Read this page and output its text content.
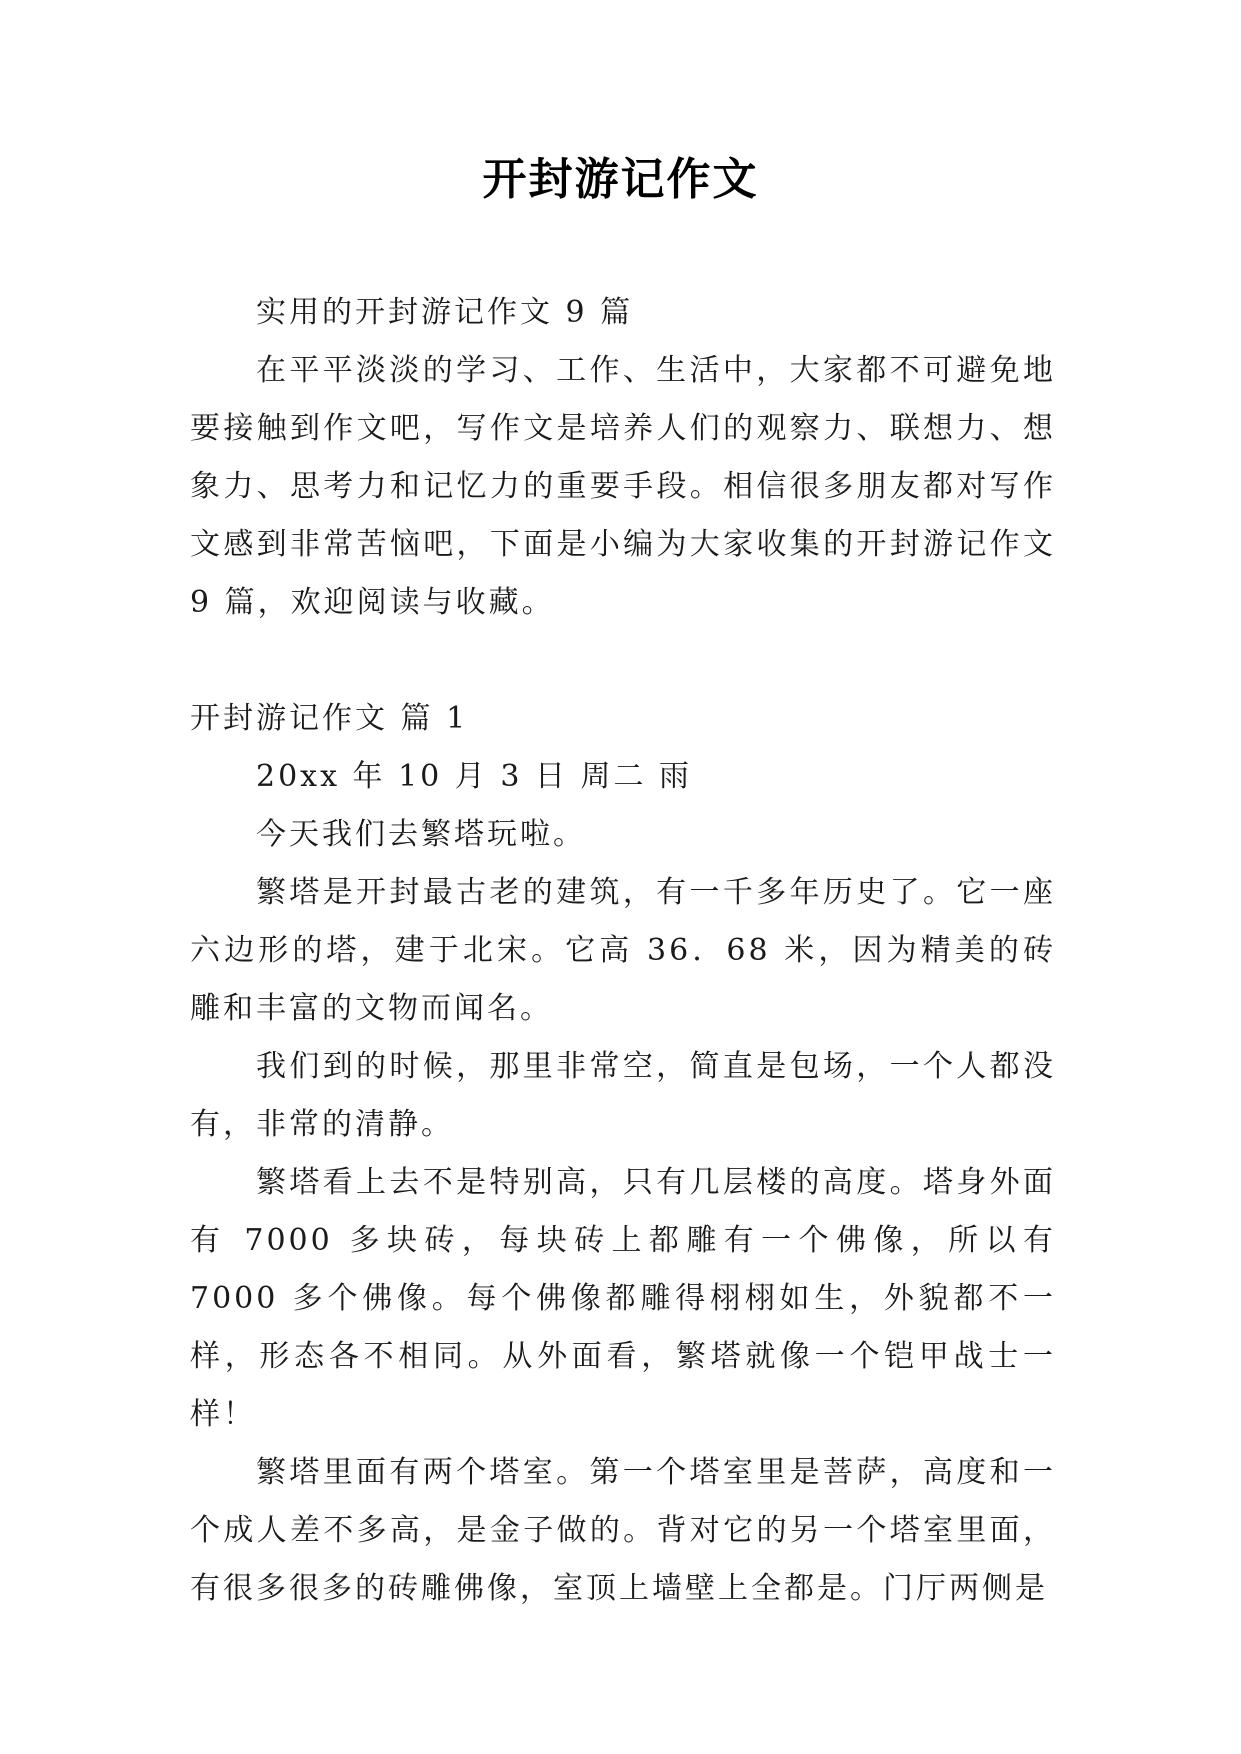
开封游记作文

实用的开封游记作文 9 篇

在平平淡淡的学习、工作、生活中，大家都不可避免地要接触到作文吧，写作文是培养人们的观察力、联想力、想象力、思考力和记忆力的重要手段。相信很多朋友都对写作文感到非常苦恼吧，下面是小编为大家收集的开封游记作文 9 篇，欢迎阅读与收藏。

开封游记作文 篇 1

20xx 年 10 月 3 日 周二 雨

今天我们去繁塔玩啦。

繁塔是开封最古老的建筑，有一千多年历史了。它一座六边形的塔，建于北宋。它高 36．68 米，因为精美的砖雕和丰富的文物而闻名。

我们到的时候，那里非常空，简直是包场，一个人都没有，非常的清静。

繁塔看上去不是特别高，只有几层楼的高度。塔身外面有 7000 多块砖，每块砖上都雕有一个佛像，所以有 7000 多个佛像。每个佛像都雕得栩栩如生，外貌都不一样，形态各不相同。从外面看，繁塔就像一个铠甲战士一样！

繁塔里面有两个塔室。第一个塔室里是菩萨，高度和一个成人差不多高，是金子做的。背对它的另一个塔室里面，有很多很多的砖雕佛像，室顶上墙壁上全都是。门厅两侧是
